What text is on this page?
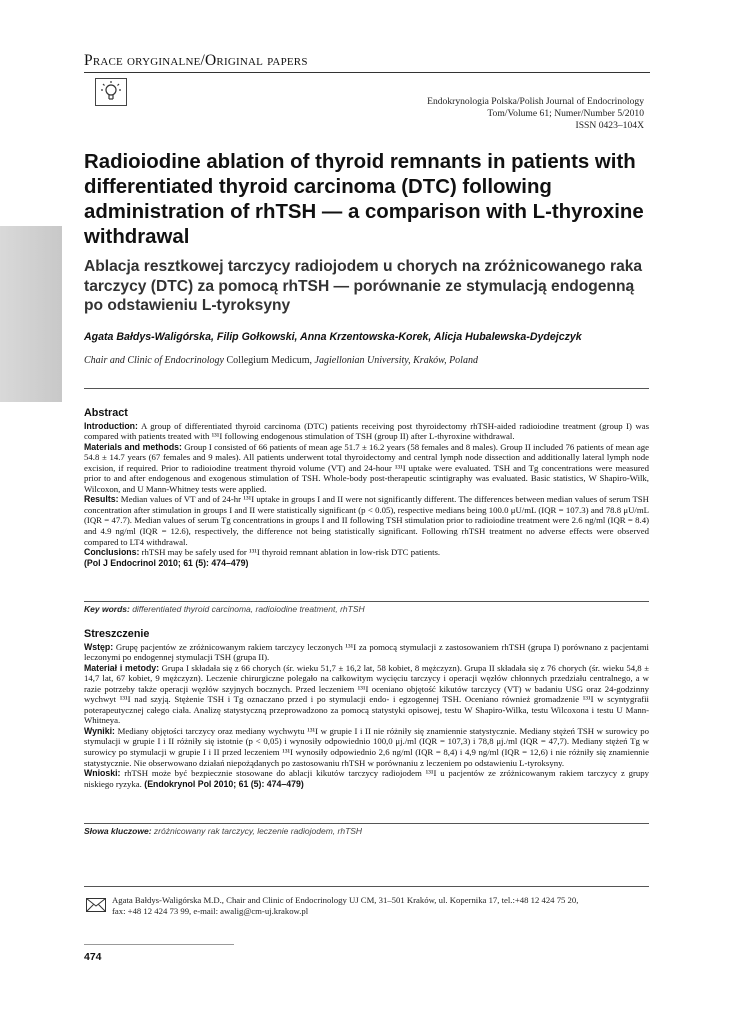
Prace oryginalne/Original papers
Endokrynologia Polska/Polish Journal of Endocrinology
Tom/Volume 61; Numer/Number 5/2010
ISSN 0423–104X
Radioiodine ablation of thyroid remnants in patients with differentiated thyroid carcinoma (DTC) following administration of rhTSH — a comparison with L-thyroxine withdrawal
Ablacja resztkowej tarczycy radiojodem u chorych na zróżnicowanego raka tarczycy (DTC) za pomocą rhTSH — porównanie ze stymulacją endogenną po odstawieniu L-tyroksyny
Agata Bałdys-Waligórska, Filip Gołkowski, Anna Krzentowska-Korek, Alicja Hubalewska-Dydejczyk
Chair and Clinic of Endocrinology Collegium Medicum, Jagiellonian University, Kraków, Poland
Abstract

Introduction: A group of differentiated thyroid carcinoma (DTC) patients receiving post thyroidectomy rhTSH-aided radioiodine treatment (group I) was compared with patients treated with ¹³¹I following endogenous stimulation of TSH (group II) after L-thyroxine withdrawal.

Materials and methods: Group I consisted of 66 patients of mean age 51.7 ± 16.2 years (58 females and 8 males). Group II included 76 patients of mean age 54.8 ± 14.7 years (67 females and 9 males). All patients underwent total thyroidectomy and central lymph node dissection and additionally lateral lymph node excision, if required. Prior to radioiodine treatment thyroid volume (VT) and 24-hour ¹³¹I uptake were evaluated. TSH and Tg concentrations were measured prior to and after endogenous and exogenous stimulation of TSH. Whole-body post-therapeutic scintigraphy was evaluated. Basic statistics, W Shapiro-Wilk, Wilcoxon, and U Mann-Whitney tests were applied.

Results: Median values of VT and of 24-hr ¹³¹I uptake in groups I and II were not significantly different. The differences between median values of serum TSH concentration after stimulation in groups I and II were statistically significant (p < 0.05), respective medians being 100.0 μU/mL (IQR = 107.3) and 78.8 μU/mL (IQR = 47.7). Median values of serum Tg concentrations in groups I and II following TSH stimulation prior to radioiodine treatment were 2.6 ng/ml (IQR = 8.4) and 4.9 ng/ml (IQR = 12.6), respectively, the difference not being statistically significant. Following rhTSH treatment no adverse effects were observed compared to LT4 withdrawal.

Conclusions: rhTSH may be safely used for ¹³¹I thyroid remnant ablation in low-risk DTC patients.

(Pol J Endocrinol 2010; 61 (5): 474–479)

Key words: differentiated thyroid carcinoma, radioiodine treatment, rhTSH
Streszczenie

Wstęp: Grupę pacjentów ze zróżnicowanym rakiem tarczycy leczonych ¹³¹I za pomocą stymulacji z zastosowaniem rhTSH (grupa I) porównano z pacjentami leczonymi po endogennej stymulacji TSH (grupa II).

Materiał i metody: Grupa I składała się z 66 chorych (śr. wieku 51,7 ± 16,2 lat, 58 kobiet, 8 mężczyzn). Grupa II składała się z 76 chorych (śr. wieku 54,8 ± 14,7 lat, 67 kobiet, 9 mężczyzn). Leczenie chirurgiczne polegało na całkowitym wycięciu tarczycy i operacji węzłów chłonnych przedziału centralnego, a w razie potrzeby także operacji węzłów szyjnych bocznych. Przed leczeniem ¹³¹I oceniano objętość kikutów tarczycy (VT) w badaniu USG oraz 24-godzinny wychwyt ¹³¹I nad szyją. Stężenie TSH i Tg oznaczano przed i po stymulacji endo- i egzogennej TSH. Oceniano również gromadzenie ¹³¹I w scyntygrafii poterapeutycznej całego ciała. Analizę statystyczną przeprowadzono za pomocą statystyki opisowej, testu W Shapiro-Wilka, testu Wilcoxona i testu U Mann-Whitneya.

Wyniki: Mediany objętości tarczycy oraz mediany wychwytu ¹³¹I w grupie I i II nie różniły się znamiennie statystycznie. Mediany stężeń TSH w surowicy po stymulacji w grupie I i II różniły się istotnie (p < 0,05) i wynosiły odpowiednio 100,0 μj./ml (IQR = 107,3) i 78,8 μj./ml (IQR = 47,7). Mediany stężeń Tg w surowicy po stymulacji w grupie I i II przed leczeniem ¹³¹I wynosiły odpowiednio 2,6 ng/ml (IQR = 8,4) i 4,9 ng/ml (IQR = 12,6) i nie różniły się znamiennie statystycznie. Nie obserwowano działań niepożądanych po zastosowaniu rhTSH w porównaniu z leczeniem po odstawieniu L-tyroksyny.

Wnioski: rhTSH może być bezpiecznie stosowane do ablacji kikutów tarczycy radiojodem ¹³¹I u pacjentów ze zróżnicowanym rakiem tarczycy z grupy niskiego ryzyka. (Endokrynol Pol 2010; 61 (5): 474–479)

Słowa kluczowe: zróżnicowany rak tarczycy, leczenie radiojodem, rhTSH
Agata Bałdys-Waligórska M.D., Chair and Clinic of Endocrinology UJ CM, 31–501 Kraków, ul. Kopernika 17, tel.:+48 12 424 75 20,
fax: +48 12 424 73 99, e-mail: awalig@cm-uj.krakow.pl
474
